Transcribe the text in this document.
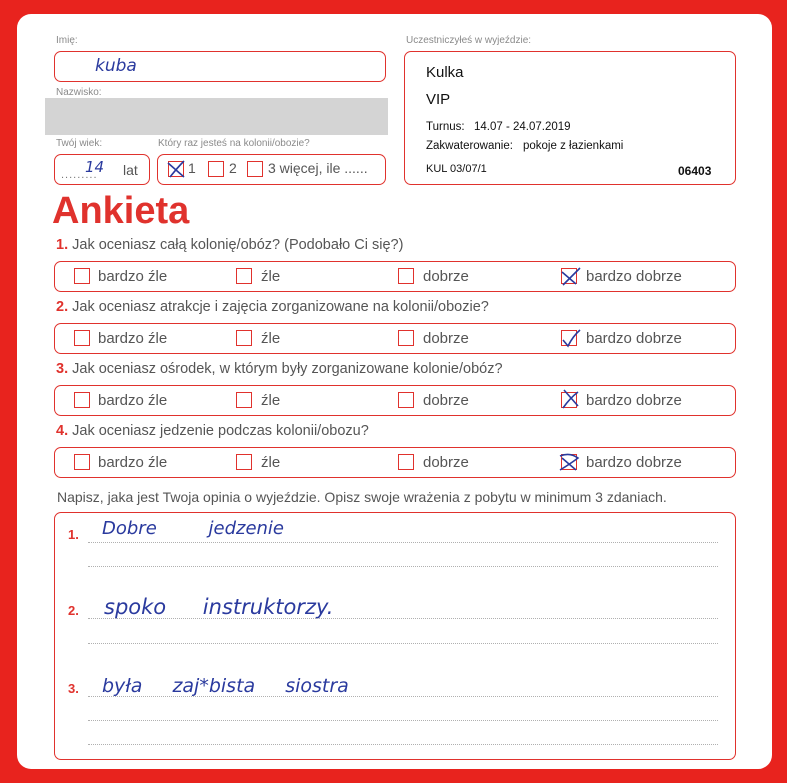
Imię:
kuba
Nazwisko:
Twój wiek:
.........
14 lat
Który raz jesteś na kolonii/obozie?
1 2 3 więcej, ile ......
Uczestniczyłeś w wyjeździe:
Kulka
VIP
Turnus: 14.07 - 24.07.2019
Zakwaterowanie: pokoje z łazienkami
KUL 03/07/1	06403
Ankieta
1. Jak oceniasz całą kolonię/obóz? (Podobało Ci się?)
bardzo źle	źle	dobrze	bardzo dobrze
2. Jak oceniasz atrakcje i zajęcia zorganizowane na kolonii/obozie?
bardzo źle	źle	dobrze	bardzo dobrze
3. Jak oceniasz ośrodek, w którym były zorganizowane kolonie/obóz?
bardzo źle	źle	dobrze	bardzo dobrze
4. Jak oceniasz jedzenie podczas kolonii/obozu?
bardzo źle	źle	dobrze	bardzo dobrze
Napisz, jaka jest Twoja opinia o wyjeździe. Opisz swoje wrażenia z pobytu w minimum 3 zdaniach.
1. Dobre jedzenie
2. spoko instruktorzy.
3. była zaj*bista siostra
